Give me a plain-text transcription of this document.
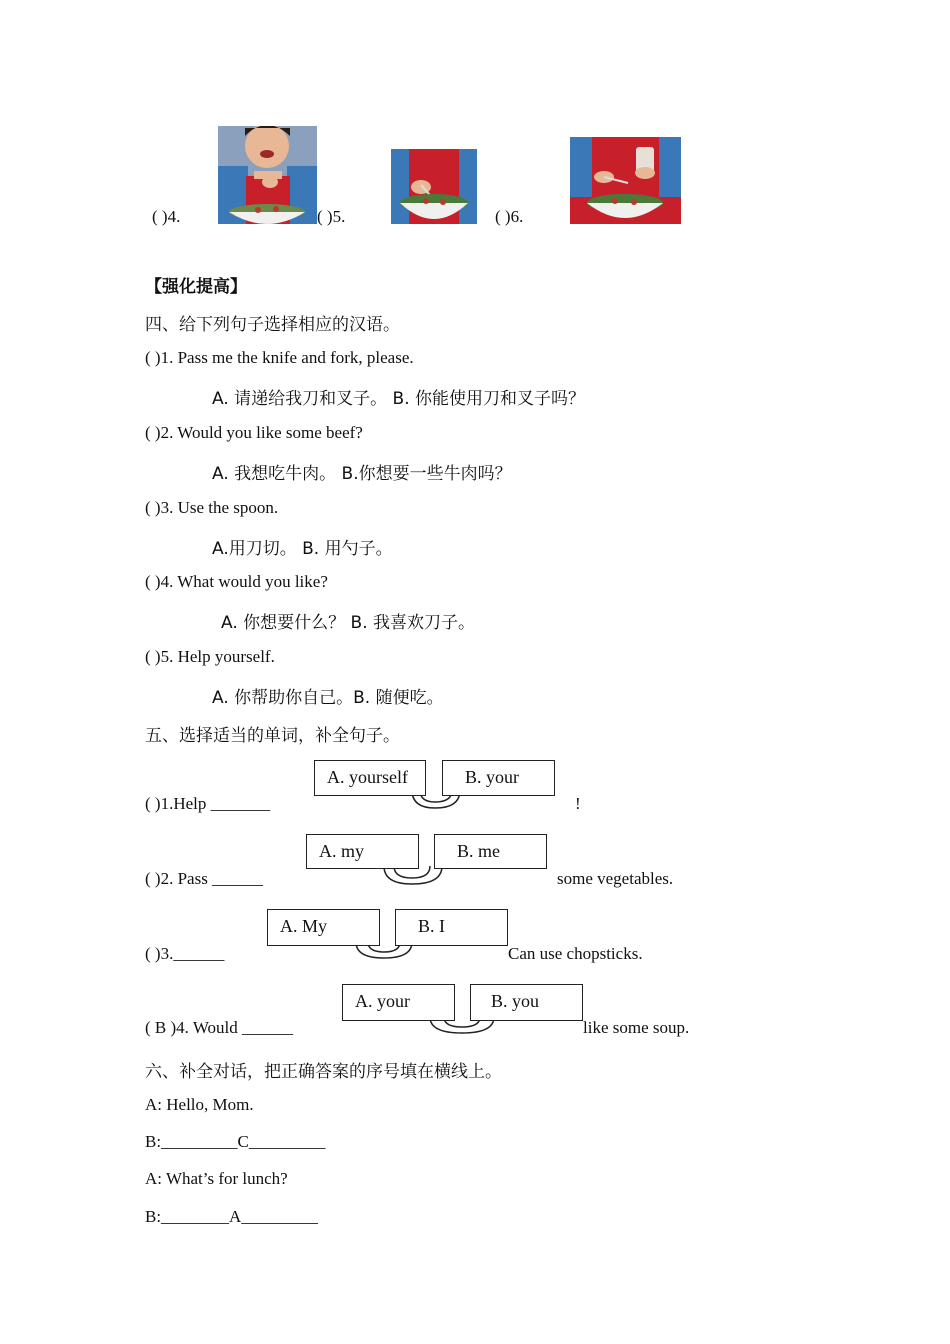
( )4.	( )5.	( )6.
【强化提高】
四、给下列句子选择相应的汉语。
( )1. Pass me the knife and fork, please.
A. 请递给我刀和叉子。 B. 你能使用刀和叉子吗？
( )2. Would you like some beef?
A. 我想吃牛肉。 B.你想要一些牛肉吗？
( )3. Use the spoon.
A.用刀切。 B. 用勺子。
( )4. What would you like?
A. 你想要什么？ B. 我喜欢刀子。
( )5. Help yourself.
A. 你帮助你自己。B. 随便吃。
五、选择适当的单词，补全句子。
( )1.Help _______
A. yourself	B. your
!
( )2. Pass ______
A. my	B. me
some vegetables.
( )3.______
A. My	B. I
Can use chopsticks.
( B )4. Would ______
A. your	B. you
like some soup.
六、补全对话，把正确答案的序号填在横线上。
A: Hello, Mom.
B:_________C_________
A: What’s for lunch?
B:________A_________
